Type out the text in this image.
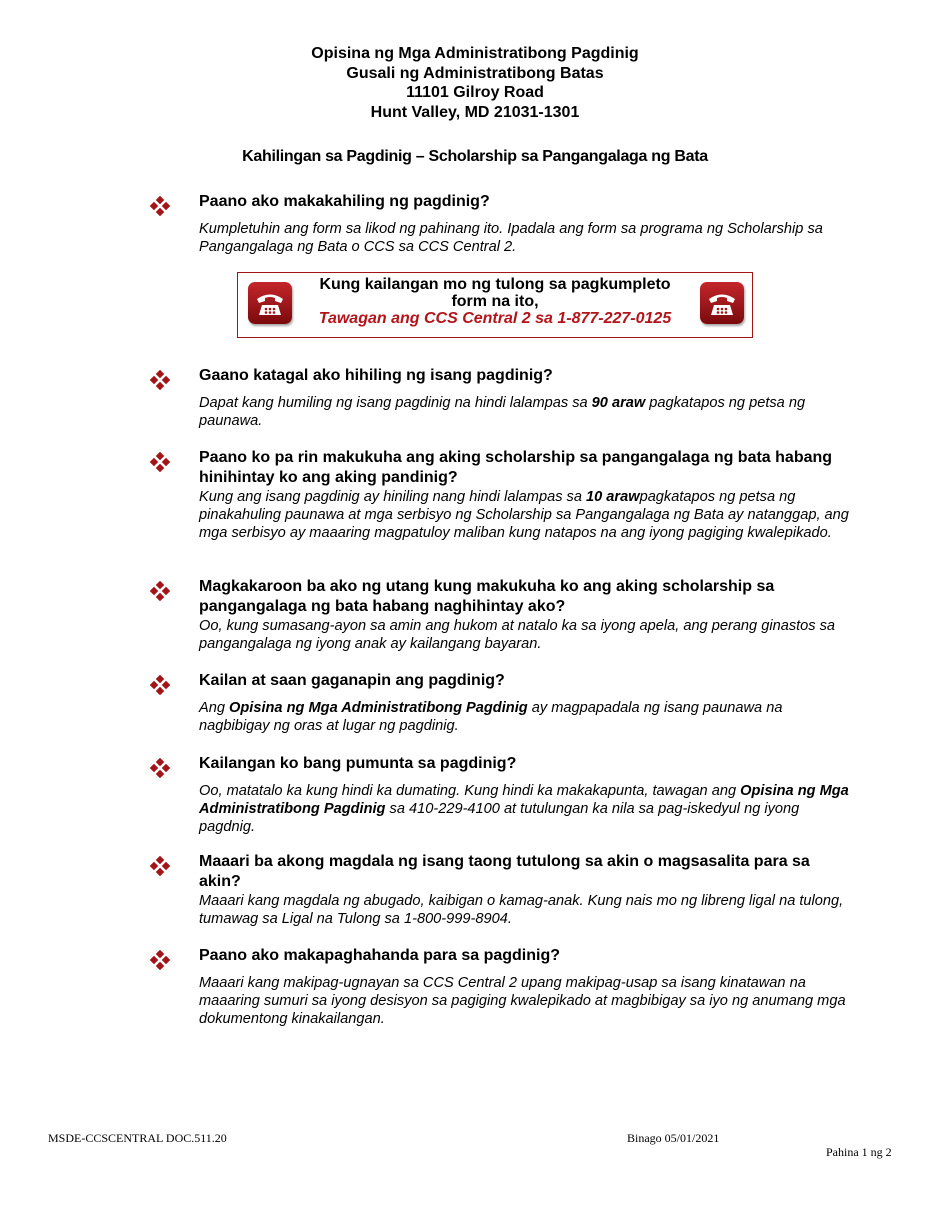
Opisina ng Mga Administratibong Pagdinig
Gusali ng Administratibong Batas
11101 Gilroy Road
Hunt Valley, MD 21031-1301
Kahilingan sa Pagdinig – Scholarship sa Pangangalaga ng Bata
Paano ako makakahiling ng pagdinig?
Kumpletuhin ang form sa likod ng pahinang ito. Ipadala ang form sa programa ng Scholarship sa Pangangalaga ng Bata o CCS sa CCS Central 2.
Kung kailangan mo ng tulong sa pagkumpleto
form na ito,
Tawagan ang CCS Central 2 sa 1-877-227-0125
Gaano katagal ako hihiling ng isang pagdinig?
Dapat kang humiling ng isang pagdinig na hindi lalampas sa 90 araw pagkatapos ng petsa ng paunawa.
Paano ko pa rin makukuha ang aking scholarship sa pangangalaga ng bata habang hinihintay ko ang aking pandinig?
Kung ang isang pagdinig ay hiniling nang hindi lalampas sa 10 arawpagkatapos ng petsa ng pinakahuling paunawa at mga serbisyo ng Scholarship sa Pangangalaga ng Bata ay natanggap, ang mga serbisyo ay maaaring magpatuloy maliban kung natapos na ang iyong pagiging kwalepikado.
Magkakaroon ba ako ng utang kung makukuha ko ang aking scholarship sa pangangalaga ng bata habang naghihintay ako?
Oo, kung sumasang-ayon sa amin ang hukom at natalo ka sa iyong apela, ang perang ginastos sa pangangalaga ng iyong anak ay kailangang bayaran.
Kailan at saan gaganapin ang pagdinig?
Ang Opisina ng Mga Administratibong Pagdinig ay magpapadala ng isang paunawa na nagbibigay ng oras at lugar ng pagdinig.
Kailangan ko bang pumunta sa pagdinig?
Oo, matatalo ka kung hindi ka dumating. Kung hindi ka makakapunta, tawagan ang Opisina ng Mga Administratibong Pagdinig sa 410-229-4100 at tutulungan ka nila sa pag-iskedyul ng iyong pagdnig.
Maaari ba akong magdala ng isang taong tutulong sa akin o magsasalita para sa akin?
Maaari kang magdala ng abugado, kaibigan o kamag-anak. Kung nais mo ng libreng ligal na tulong, tumawag sa Ligal na Tulong sa 1-800-999-8904.
Paano ako makapaghahanda para sa pagdinig?
Maaari kang makipag-ugnayan sa CCS Central 2 upang makipag-usap sa isang kinatawan na maaaring sumuri sa iyong desisyon sa pagiging kwalepikado at magbibigay sa iyo ng anumang mga dokumentong kinakailangan.
MSDE-CCSCENTRAL DOC.511.20	Binago 05/01/2021
Pahina 1 ng 2
